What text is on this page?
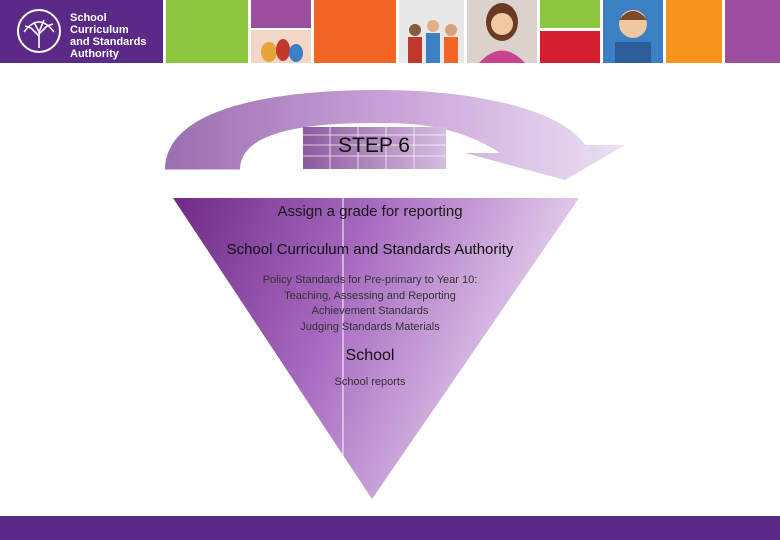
School Curriculum
and Standards
Authority
STEP 6
Assign a grade for reporting
School Curriculum and Standards Authority
Policy Standards for Pre-primary to Year 10:
Teaching, Assessing and Reporting
Achievement Standards
Judging Standards Materials
School
School reports
